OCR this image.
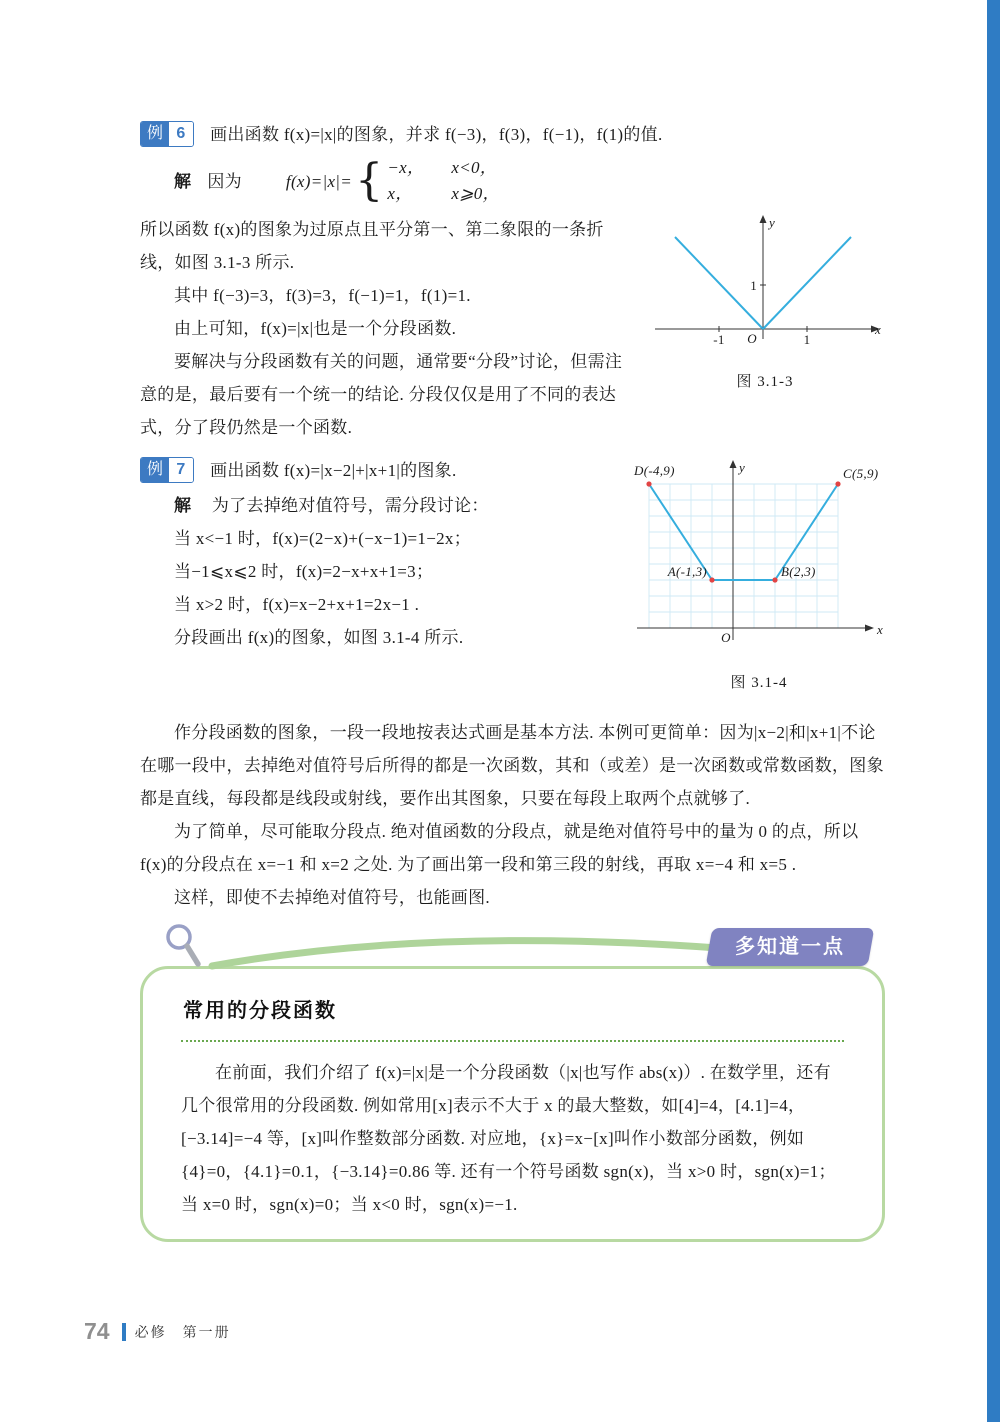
例 6	画出函数 f(x)=|x|的图象，并求 f(−3)，f(3)，f(−1)，f(1)的值.
解 因为	f(x)=|x|= { −x，	x<0，
x，	x⩾0，
-1	1
1
O
x
y
图 3.1-3

所以函数 f(x)的图象为过原点且平分第一、第二象限的一条折线，如图 3.1-3 所示.

其中 f(−3)=3，f(3)=3，f(−1)=1，f(1)=1.

由上可知，f(x)=|x|也是一个分段函数.

要解决与分段函数有关的问题，通常要“分段”讨论，但需注意的是，最后要有一个统一的结论. 分段仅仅是用了不同的表达式，分了段仍然是一个函数.

D(-4,9)	C(5,9)
A(-1,3)	B(2,3)
O
x
y
图 3.1-4
例 7	画出函数 f(x)=|x−2|+|x+1|的图象.

解 为了去掉绝对值符号，需分段讨论：

当 x<−1 时，f(x)=(2−x)+(−x−1)=1−2x；

当−1⩽x⩽2 时，f(x)=2−x+x+1=3；

当 x>2 时，f(x)=x−2+x+1=2x−1 .

分段画出 f(x)的图象，如图 3.1-4 所示.

作分段函数的图象，一段一段地按表达式画是基本方法. 本例可更简单：因为|x−2|和|x+1|不论在哪一段中，去掉绝对值符号后所得的都是一次函数，其和（或差）是一次函数或常数函数，图象都是直线，每段都是线段或射线，要作出其图象，只要在每段上取两个点就够了.

为了简单，尽可能取分段点. 绝对值函数的分段点，就是绝对值符号中的量为 0 的点，所以 f(x)的分段点在 x=−1 和 x=2 之处. 为了画出第一段和第三段的射线，再取 x=−4 和 x=5 .

这样，即使不去掉绝对值符号，也能画图.

多知道一点
常用的分段函数

在前面，我们介绍了 f(x)=|x|是一个分段函数（|x|也写作 abs(x)）. 在数学里，还有几个很常用的分段函数. 例如常用[x]表示不大于 x 的最大整数，如[4]=4，[4.1]=4，[−3.14]=−4 等，[x]叫作整数部分函数. 对应地，{x}=x−[x]叫作小数部分函数，例如{4}=0，{4.1}=0.1，{−3.14}=0.86 等. 还有一个符号函数 sgn(x)，当 x>0 时，sgn(x)=1；当 x=0 时，sgn(x)=0；当 x<0 时，sgn(x)=−1.

74 必修　第一册
